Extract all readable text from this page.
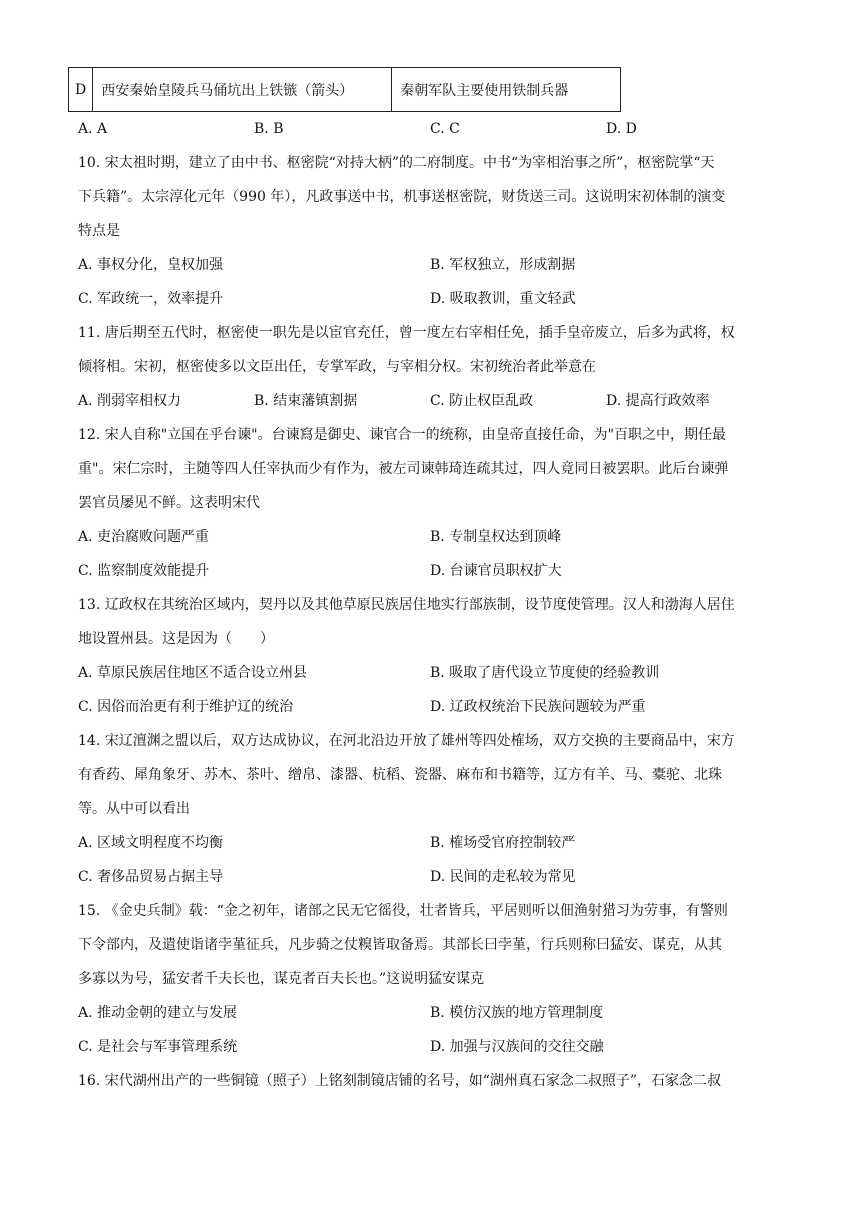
D	西安秦始皇陵兵马俑坑出上铁镞（箭头）	秦朝军队主要使用铁制兵器
A. A	B. B	C. C	D. D
10. 宋太祖时期，建立了由中书、枢密院“对持大柄”的二府制度。中书“为宰相治事之所”，枢密院掌“天
下兵籍”。太宗淳化元年（990 年），凡政事送中书，机事送枢密院，财货送三司。这说明宋初体制的演变
特点是
A. 事权分化，皇权加强	B. 军权独立，形成割据
C. 军政统一，效率提升	D. 吸取教训，重文轻武
11. 唐后期至五代时，枢密使一职先是以宦官充任，曾一度左右宰相任免，插手皇帝废立，后多为武将，权
倾将相。宋初，枢密使多以文臣出任，专掌军政，与宰相分权。宋初统治者此举意在
A. 削弱宰相权力	B. 结束藩镇割据	C. 防止权臣乱政	D. 提高行政效率
12. 宋人自称"立国在乎台谏"。台谏寫是御史、谏官合一的统称，由皇帝直接任命，为"百职之中，期任最
重"。宋仁宗时，主随等四人任宰执而少有作为，被左司谏韩琦连疏其过，四人竟同日被罢职。此后台谏弹
罢官员屡见不鲜。这表明宋代
A. 吏治腐败问题严重	B. 专制皇权达到顶峰
C. 监察制度效能提升	D. 台谏官员职权扩大
13. 辽政权在其统治区域内，契丹以及其他草原民族居住地实行部族制，设节度使管理。汉人和渤海人居住
地设置州县。这是因为（　　）
A. 草原民族居住地区不适合设立州县	B. 吸取了唐代设立节度使的经验教训
C. 因俗而治更有利于维护辽的统治	D. 辽政权统治下民族问题较为严重
14. 宋辽澶渊之盟以后，双方达成协议，在河北沿边开放了雄州等四处榷场，双方交换的主要商品中，宋方
有香药、犀角象牙、苏木、茶叶、缯帛、漆器、杭稻、瓷器、麻布和书籍等，辽方有羊、马、橐驼、北珠
等。从中可以看出
A. 区域文明程度不均衡	B. 榷场受官府控制较严
C. 奢侈品贸易占据主导	D. 民间的走私较为常见
15. 《金史兵制》载：“金之初年，诸部之民无它徭役，壮者皆兵，平居则听以佃渔射猎习为劳事，有警则
下令部内，及遣使诣诸孛堇征兵，凡步骑之仗糗皆取备焉。其部长曰孛堇，行兵则称曰猛安、谋克，从其
多寡以为号，猛安者千夫长也，谋克者百夫长也。”这说明猛安谋克
A. 推动金朝的建立与发展	B. 模仿汉族的地方管理制度
C. 是社会与军事管理系统	D. 加强与汉族间的交往交融
16. 宋代湖州出产的一些铜镜（照子）上铭刻制镜店铺的名号，如“湖州真石家念二叔照子”，石家念二叔
